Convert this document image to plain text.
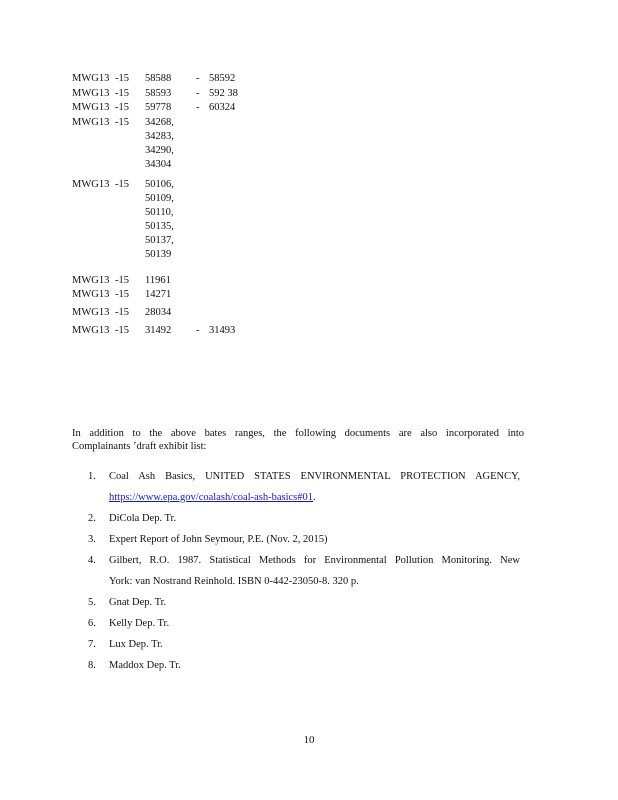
MWG13 -15 58588 - 58592
MWG13 -15 58593 - 592 38
MWG13 -15 59778 - 60324
MWG13 -15 34268,
34283,
34290,
34304
MWG13 -15 50106,
50109,
50110,
50135,
50137,
50139
MWG13 -15 11961
MWG13 -15 14271
MWG13 -15 28034
MWG13 -15 31492 - 31493

In addition to the above bates ranges, the following documents are also incorporated into

Complainants ’draft exhibit list:

1. Coal Ash Basics, UNITED STATES ENVIRONMENTAL PROTECTION AGENCY,
https://www.epa.gov/coalash/coal-ash-basics#01.
2. DiCola Dep. Tr.
3. Expert Report of John Seymour, P.E. (Nov. 2, 2015)
4. Gilbert, R.O. 1987. Statistical Methods for Environmental Pollution Monitoring. New
York: van Nostrand Reinhold. ISBN 0-442-23050-8. 320 p.
5. Gnat Dep. Tr.
6. Kelly Dep. Tr.
7. Lux Dep. Tr.
8. Maddox Dep. Tr.
10
